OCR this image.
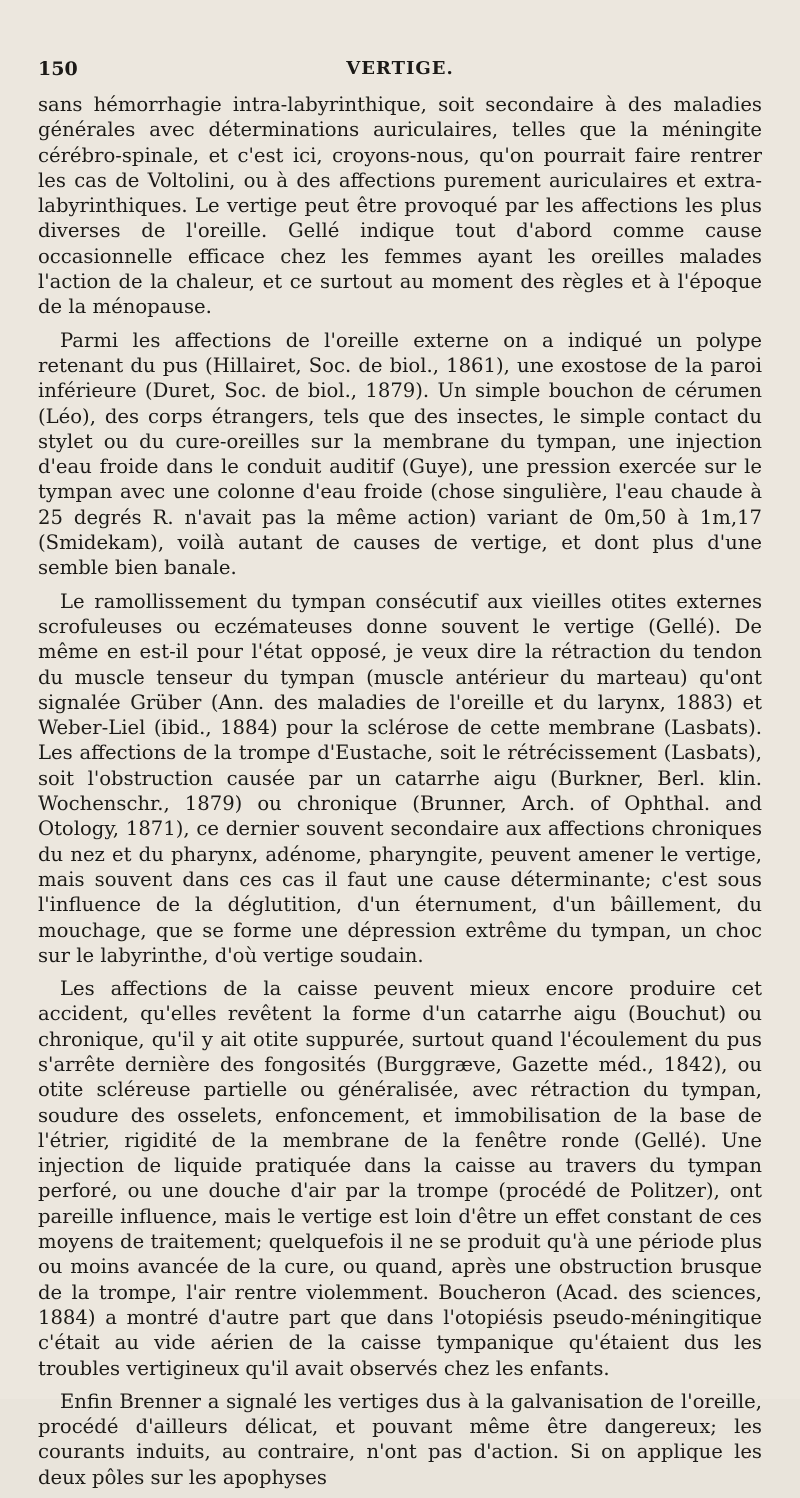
150	VERTIGE.

sans hémorrhagie intra-labyrinthique, soit secondaire à des maladies générales avec déterminations auriculaires, telles que la méningite cérébro-spinale, et c'est ici, croyons-nous, qu'on pourrait faire rentrer les cas de Voltolini, ou à des affections purement auriculaires et extra-labyrinthiques. Le vertige peut être provoqué par les affections les plus diverses de l'oreille. Gellé indique tout d'abord comme cause occasionnelle efficace chez les femmes ayant les oreilles malades l'action de la chaleur, et ce surtout au moment des règles et à l'époque de la ménopause.

Parmi les affections de l'oreille externe on a indiqué un polype retenant du pus (Hillairet, Soc. de biol., 1861), une exostose de la paroi inférieure (Duret, Soc. de biol., 1879). Un simple bouchon de cérumen (Léo), des corps étrangers, tels que des insectes, le simple contact du stylet ou du cure-oreilles sur la membrane du tympan, une injection d'eau froide dans le conduit auditif (Guye), une pression exercée sur le tympan avec une colonne d'eau froide (chose singulière, l'eau chaude à 25 degrés R. n'avait pas la même action) variant de 0m,50 à 1m,17 (Smidekam), voilà autant de causes de vertige, et dont plus d'une semble bien banale.

Le ramollissement du tympan consécutif aux vieilles otites externes scrofuleuses ou eczémateuses donne souvent le vertige (Gellé). De même en est-il pour l'état opposé, je veux dire la rétraction du tendon du muscle tenseur du tympan (muscle antérieur du marteau) qu'ont signalée Grüber (Ann. des maladies de l'oreille et du larynx, 1883) et Weber-Liel (ibid., 1884) pour la sclérose de cette membrane (Lasbats). Les affections de la trompe d'Eustache, soit le rétrécissement (Lasbats), soit l'obstruction causée par un catarrhe aigu (Burkner, Berl. klin. Wochenschr., 1879) ou chronique (Brunner, Arch. of Ophthal. and Otology, 1871), ce dernier souvent secondaire aux affections chroniques du nez et du pharynx, adénome, pharyngite, peuvent amener le vertige, mais souvent dans ces cas il faut une cause déterminante; c'est sous l'influence de la déglutition, d'un éternument, d'un bâillement, du mouchage, que se forme une dépression extrême du tympan, un choc sur le labyrinthe, d'où vertige soudain.

Les affections de la caisse peuvent mieux encore produire cet accident, qu'elles revêtent la forme d'un catarrhe aigu (Bouchut) ou chronique, qu'il y ait otite suppurée, surtout quand l'écoulement du pus s'arrête dernière des fongosités (Burggræve, Gazette méd., 1842), ou otite scléreuse partielle ou généralisée, avec rétraction du tympan, soudure des osselets, enfoncement, et immobilisation de la base de l'étrier, rigidité de la membrane de la fenêtre ronde (Gellé). Une injection de liquide pratiquée dans la caisse au travers du tympan perforé, ou une douche d'air par la trompe (procédé de Politzer), ont pareille influence, mais le vertige est loin d'être un effet constant de ces moyens de traitement; quelquefois il ne se produit qu'à une période plus ou moins avancée de la cure, ou quand, après une obstruction brusque de la trompe, l'air rentre violemment. Boucheron (Acad. des sciences, 1884) a montré d'autre part que dans l'otopiésis pseudo-méningitique c'était au vide aérien de la caisse tympanique qu'étaient dus les troubles vertigineux qu'il avait observés chez les enfants.

Enfin Brenner a signalé les vertiges dus à la galvanisation de l'oreille, procédé d'ailleurs délicat, et pouvant même être dangereux; les courants induits, au contraire, n'ont pas d'action. Si on applique les deux pôles sur les apophyses
